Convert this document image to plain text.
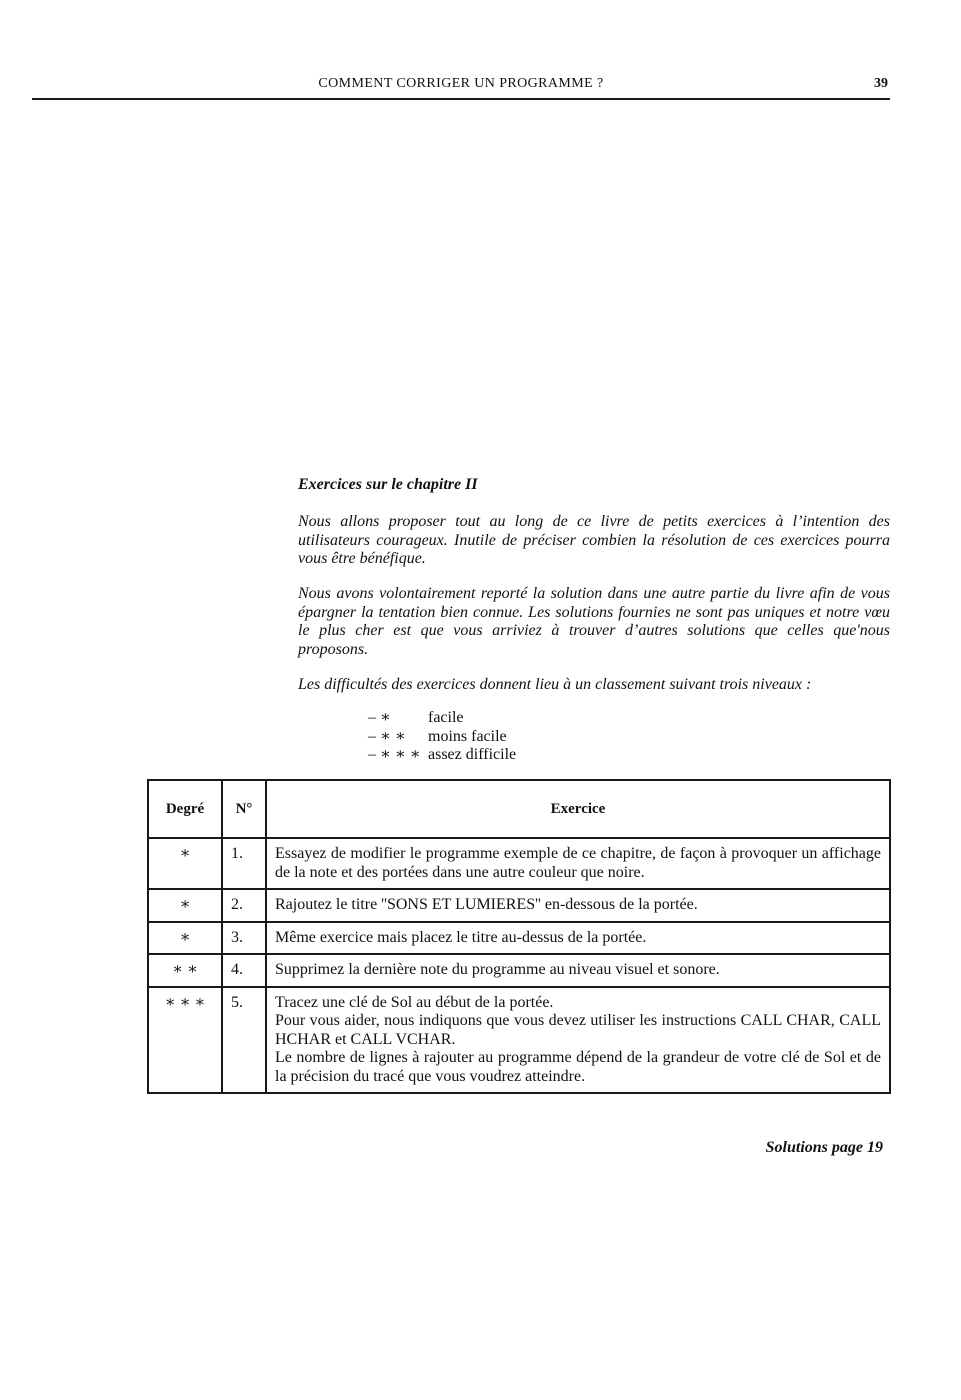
COMMENT CORRIGER UN PROGRAMME ?	39
Exercices sur le chapitre II
Nous allons proposer tout au long de ce livre de petits exercices à l’intention des utilisateurs courageux. Inutile de préciser combien la résolution de ces exercices pourra vous être bénéfique.
Nous avons volontairement reporté la solution dans une autre partie du livre afin de vous épargner la tentation bien connue. Les solutions fournies ne sont pas uniques et notre vœu le plus cher est que vous arriviez à trouver d’autres solutions que celles que'nous proposons.
Les difficultés des exercices donnent lieu à un classement suivant trois niveaux :
– ∗	facile
– ∗ ∗	moins facile
– ∗ ∗ ∗ assez difficile
Degré	N°	Exercice
∗	1.	Essayez de modifier le programme exemple de ce chapitre, de façon à provoquer un affichage de la note et des portées dans une autre couleur que noire.

∗	2.	Rajoutez le titre ''SONS ET LUMIERES'' en-dessous de la portée.

∗	3.	Même exercice mais placez le titre au-dessus de la portée.

∗ ∗	4.	Supprimez la dernière note du programme au niveau visuel et sonore.

∗ ∗ ∗	5.	Tracez une clé de Sol au début de la portée.
Pour vous aider, nous indiquons que vous devez utiliser les instructions CALL CHAR, CALL HCHAR et CALL VCHAR.
Le nombre de lignes à rajouter au programme dépend de la grandeur de votre clé de Sol et de la précision du tracé que vous voudrez atteindre.
Solutions page 19
